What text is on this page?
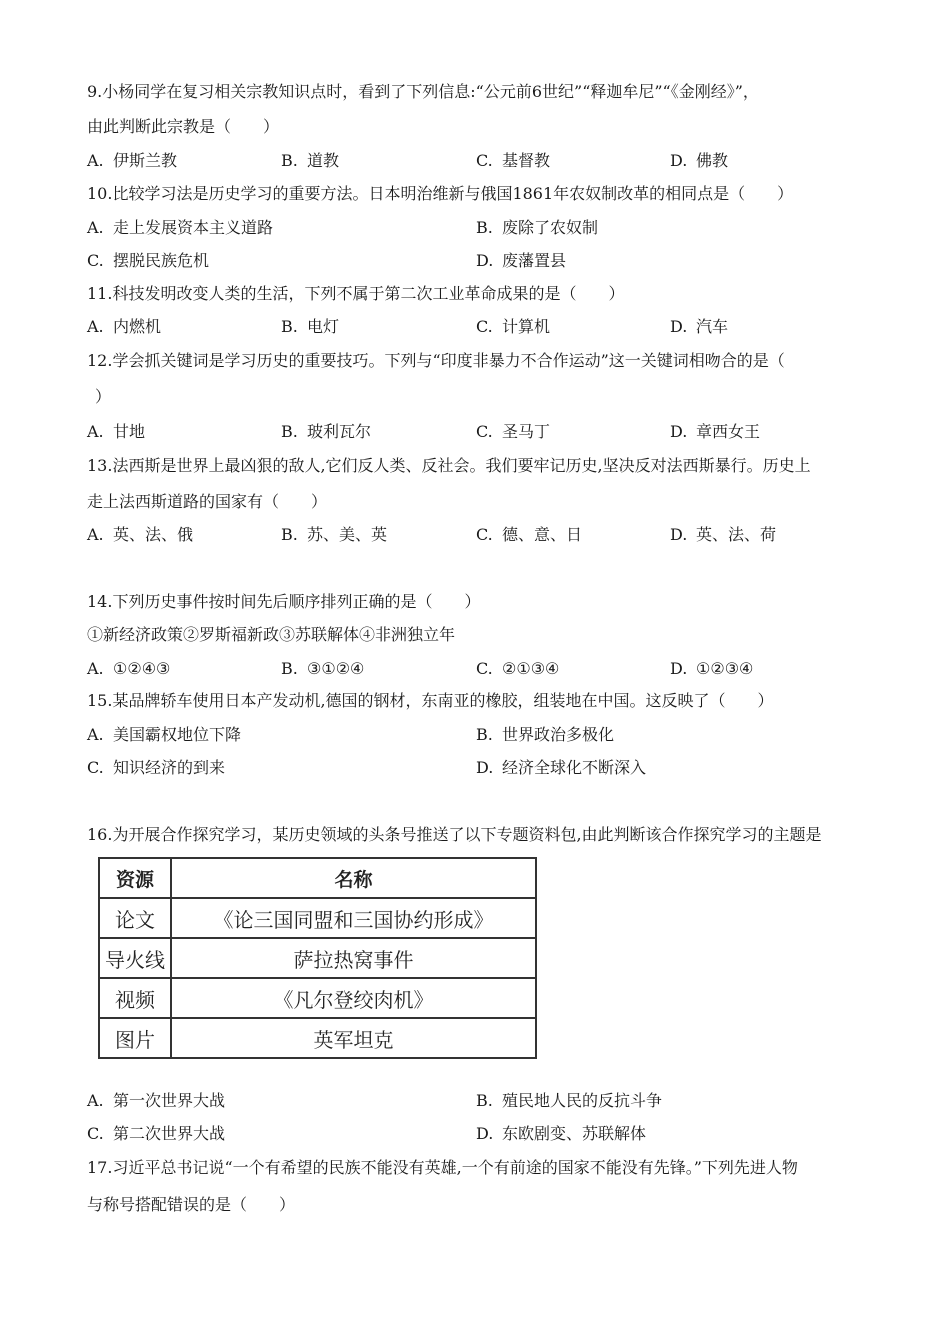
9.小杨同学在复习相关宗教知识点时，看到了下列信息:“公元前6世纪”“释迦牟尼”“《金刚经》”，
由此判断此宗教是（　　）
A. 伊斯兰教	B. 道教	C. 基督教	D. 佛教
10.比较学习法是历史学习的重要方法。日本明治维新与俄国1861年农奴制改革的相同点是（　　）
A. 走上发展资本主义道路	B. 废除了农奴制
C. 摆脱民族危机	D. 废藩置县
11.科技发明改变人类的生活，下列不属于第二次工业革命成果的是（　　）
A. 内燃机	B. 电灯	C. 计算机	D. 汽车
12.学会抓关键词是学习历史的重要技巧。下列与“印度非暴力不合作运动”这一关键词相吻合的是（
）
A. 甘地	B. 玻利瓦尔	C. 圣马丁	D. 章西女王
13.法西斯是世界上最凶狠的敌人,它们反人类、反社会。我们要牢记历史,坚决反对法西斯暴行。历史上
走上法西斯道路的国家有（　　）
A. 英、法、俄	B. 苏、美、英	C. 德、意、日	D. 英、法、荷
14.下列历史事件按时间先后顺序排列正确的是（　　）
①新经济政策②罗斯福新政③苏联解体④非洲独立年
A. ①②④③	B. ③①②④	C. ②①③④	D. ①②③④
15.某品牌轿车使用日本产发动机,德国的钢材，东南亚的橡胶，组装地在中国。这反映了（　　）
A. 美国霸权地位下降	B. 世界政治多极化
C. 知识经济的到来	D. 经济全球化不断深入
16.为开展合作探究学习，某历史领域的头条号推送了以下专题资料包,由此判断该合作探究学习的主题是
资源	名称
论文	《论三国同盟和三国协约形成》
导火线	萨拉热窝事件
视频	《凡尔登绞肉机》
图片	英军坦克
A. 第一次世界大战	B. 殖民地人民的反抗斗争
C. 第二次世界大战	D. 东欧剧变、苏联解体
17.习近平总书记说“一个有希望的民族不能没有英雄,一个有前途的国家不能没有先锋。”下列先进人物
与称号搭配错误的是（　　）
